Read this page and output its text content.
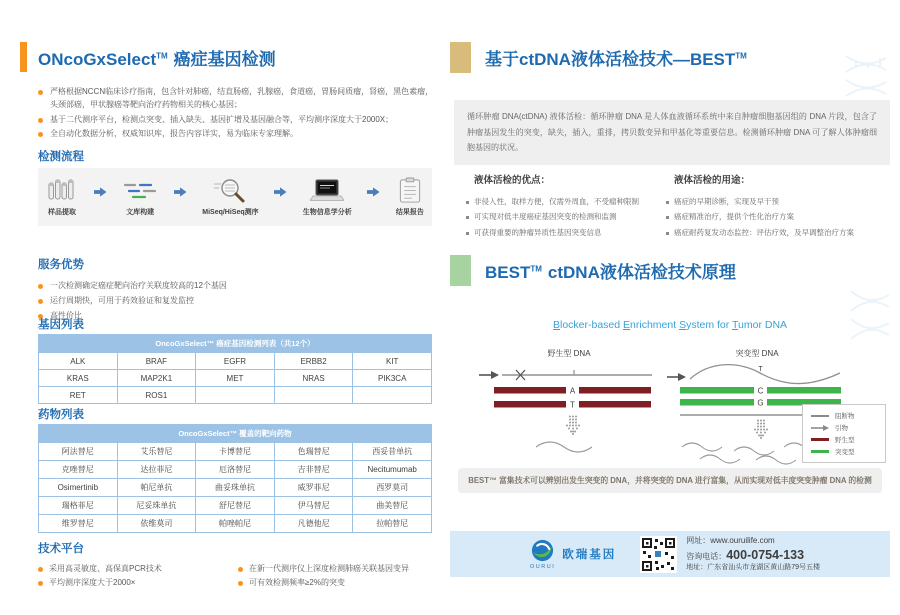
ONcoGxSelect™ 癌症基因检测
严格根据NCCN临床诊疗指南，包含针对肺癌，结直肠癌，乳腺癌，食道癌，胃肠间质瘤，肾癌，黑色素瘤，头颈部癌，甲状腺癌等靶向治疗药物相关的核心基因；
基于二代测序平台，检测点突变、插入缺失、基因扩增及基因融合等，平均测序深度大于2000X；
全自动化数据分析，权威知识库，报告内容详实，易为临床专家理解。
检测流程
样品提取	文库构建	MiSeq/HiSeq测序	生物信息学分析	结果报告
服务优势
一次检测确定癌症靶向治疗关联度较高的12个基因
运行周期快，可用于药效验证和复发监控
高性价比
基因列表
OncoGxSelect™ 癌症基因检测列表（共12个）				
ALK	BRAF	EGFR	ERBB2	KIT
KRAS	MAP2K1	MET	NRAS	PIK3CA
RET	ROS1			
药物列表
OncoGxSelect™ 覆盖的靶向药物				
阿法替尼	艾乐替尼	卡博替尼	色瑞替尼	西妥昔单抗
克唑替尼	达拉菲尼	厄洛替尼	吉非替尼	Necitumumab
Osimertinib	帕尼单抗	曲妥珠单抗	威罗菲尼	西罗莫司
瑞格菲尼	尼妥珠单抗	舒尼替尼	伊马替尼	曲美替尼
维罗替尼	依维莫司	帕唑帕尼	凡德他尼	拉帕替尼
技术平台
采用高灵敏度、高保真PCR技术
平均测序深度大于2000×
在新一代测序仪上深度检测肺癌关联基因变异
可有效检测频率≥2%的突变
基于ctDNA液体活检技术—BEST™

循环肿瘤 DNA(ctDNA) 液体活检：循环肿瘤 DNA 是人体血液循环系统中来自肿瘤细胞基因组的 DNA 片段，包含了肿瘤基因发生的突变，缺失，插入，重排，拷贝数变异和甲基化等重要信息。检测循环肿瘤 DNA 可了解人体肿瘤细胞基因的状况。

液体活检的优点：
非侵入性，取样方便，仅需外周血，不受瘤种限制
可实现对低丰度癌症基因突变的检测和监测
可获得重要的肿瘤异质性基因突变信息
液体活检的用途：
癌症的早期诊断，实现及早干预
癌症精准治疗，提供个性化治疗方案
癌症耐药复发动态监控：评估疗效，及早调整治疗方案
BEST™ ctDNA液体活检技术原理
Blocker-based Enrichment System for Tumor DNA
野生型 DNA
A
T
突变型 DNA
T
C
G
阻断物
引物
野生型
突变型
BEST™ 富集技术可以辨别出发生突变的 DNA，并将突变的 DNA 进行富集，从而实现对低丰度突变肿瘤 DNA 的检测
OURUI
欧瑞基因
网址：www.ouruilife.com
咨询电话：400-0754-133
地址：广东省汕头市龙湖区黄山路79号五楼
